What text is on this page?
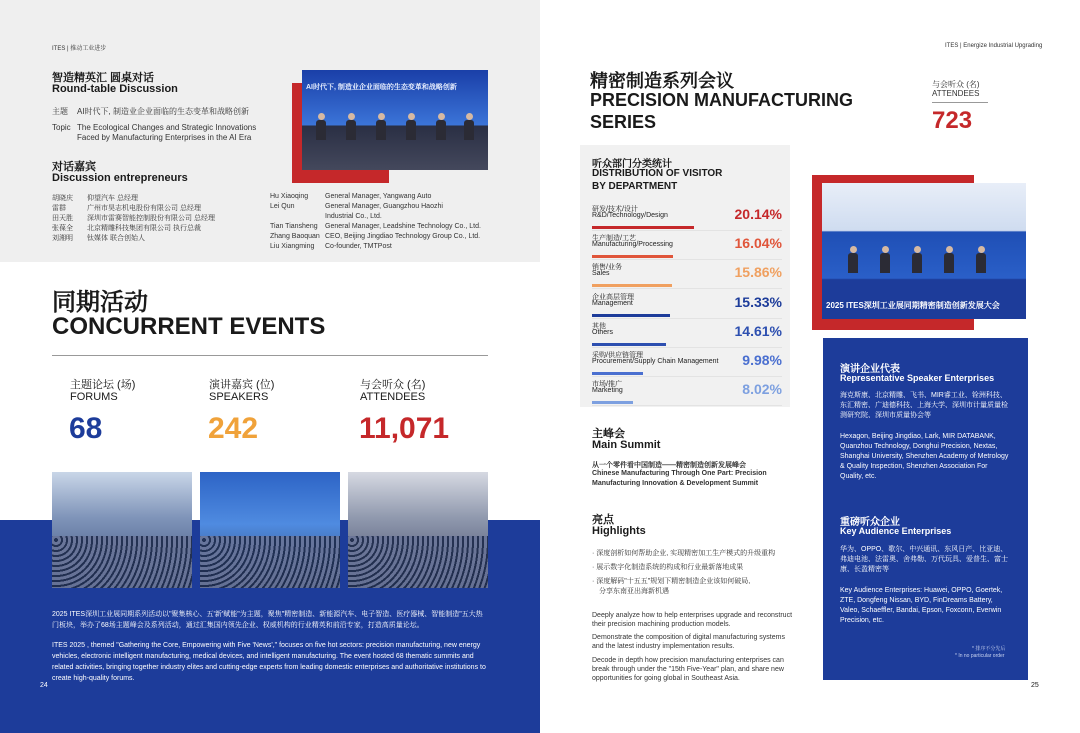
ITES | 推动工业进步
智造精英汇 圆桌对话
Round-table Discussion
主题 AI时代下, 制造业企业面临的生态变革和战略创新
Topic The Ecological Changes and Strategic Innovations
Faced by Manufacturing Enterprises in the AI Era
AI时代下, 制造业企业面临的生态变革和战略创新
对话嘉宾
Discussion entrepreneurs
胡晓庆　　仰望汽车 总经理
雷群　　　广州市昊志机电股份有限公司 总经理
田天胜　　深圳市雷赛智能控制股份有限公司 总经理
张葆全　　北京精雕科技集团有限公司 执行总裁
刘湘明　　钛媒体 联合创始人
Hu Xiaoqing General Manager, Yangwang Auto
Lei Qun	General Manager, Guangzhou Haozhi
Industrial Co., Ltd.
Tian Tiansheng General Manager, Leadshine Technology Co., Ltd.
Zhang Baoquan CEO, Beijing Jingdiao Technology Group Co., Ltd.
Liu Xiangming Co-founder, TMTPost
同期活动
CONCURRENT EVENTS
主题论坛 (场)
FORUMS
68
演讲嘉宾 (位)
SPEAKERS
242
与会听众 (名)
ATTENDEES
11,071
2025 ITES深圳工业展同期系列活动以"聚集核心、五'新'赋能"为主题，聚焦"精密制造、新能源汽车、电子智造、医疗器械、智能制造"五大热门板块，举办了68场主题峰会及系列活动，通过汇集国内领先企业、权威机构的行业精英和前沿专家，打造高质量论坛。
ITES 2025 , themed "Gathering the Core, Empowering with Five 'News'," focuses on five hot sectors: precision manufacturing, new energy vehicles, electronic intelligent manufacturing, medical devices, and intelligent manufacturing. The event hosted 68 thematic summits and related activities, bringing together industry elites and cutting-edge experts from leading domestic enterprises and authoritative institutions to create high-quality forums.
24
ITES | Energize Industrial Upgrading
精密制造系列会议
PRECISION MANUFACTURING
SERIES
与会听众 (名)
ATTENDEES
723
听众部门分类统计
DISTRIBUTION OF VISITOR
BY DEPARTMENT
研发/技术/设计
R&D/Technology/Design	20.14%
生产制造/工艺
Manufacturing/Processing	16.04%
销售/业务
Sales	15.86%
企业高层管理
Management	15.33%
其他
Others	14.61%
采购/供应链管理
Procurement/Supply Chain Management 9.98%
市场/推广
Marketing	8.02%
2025 ITES深圳工业展同期精密制造创新发展大会
主峰会
Main Summit
从一个零件看中国制造——精密制造创新发展峰会
Chinese Manufacturing Through One Part: Precision
Manufacturing Innovation & Development Summit
亮点
Highlights
· 深度剖析如何帮助企业, 实现精密加工生产模式的升级重构
· 展示数字化制造系统的构成和行业最新落地成果
· 深度解码"十五五"规划下精密制造企业该如何破局,
　分享东南亚出海新机遇
Deeply analyze how to help enterprises upgrade and reconstruct their precision machining production models.
Demonstrate the composition of digital manufacturing systems and the latest industry implementation results.
Decode in depth how precision manufacturing enterprises can break through under the "15th Five-Year" plan, and share new opportunities for going global in Southeast Asia.
演讲企业代表
Representative Speaker Enterprises
海克斯康、北京精雕、飞书、MIR睿工业、铨洲科技、东汇精密、广迪德科技、上海大学、深圳市计量质量检测研究院、深圳市质量协会等
Hexagon, Beijing Jingdiao, Lark, MIR DATABANK, Quanzhou Technology, Donghui Precision, Nextas, Shanghai University, Shenzhen Academy of Metrology & Quality Inspection, Shenzhen Association For Quality, etc.
重磅听众企业
Key Audience Enterprises
华为、OPPO、歌尔、中兴通讯、东风日产、比亚迪、弗迪电池、法雷奥、舍弗勒、万代玩具、爱普生、富士康、长盈精密等
Key Audience Enterprises: Huawei, OPPO, Goertek, ZTE, Dongfeng Nissan, BYD, FinDreams Battery, Valeo, Schaeffler, Bandai, Epson, Foxconn, Everwin Precision, etc.
* 排序不分先后
* In no particular order
25
